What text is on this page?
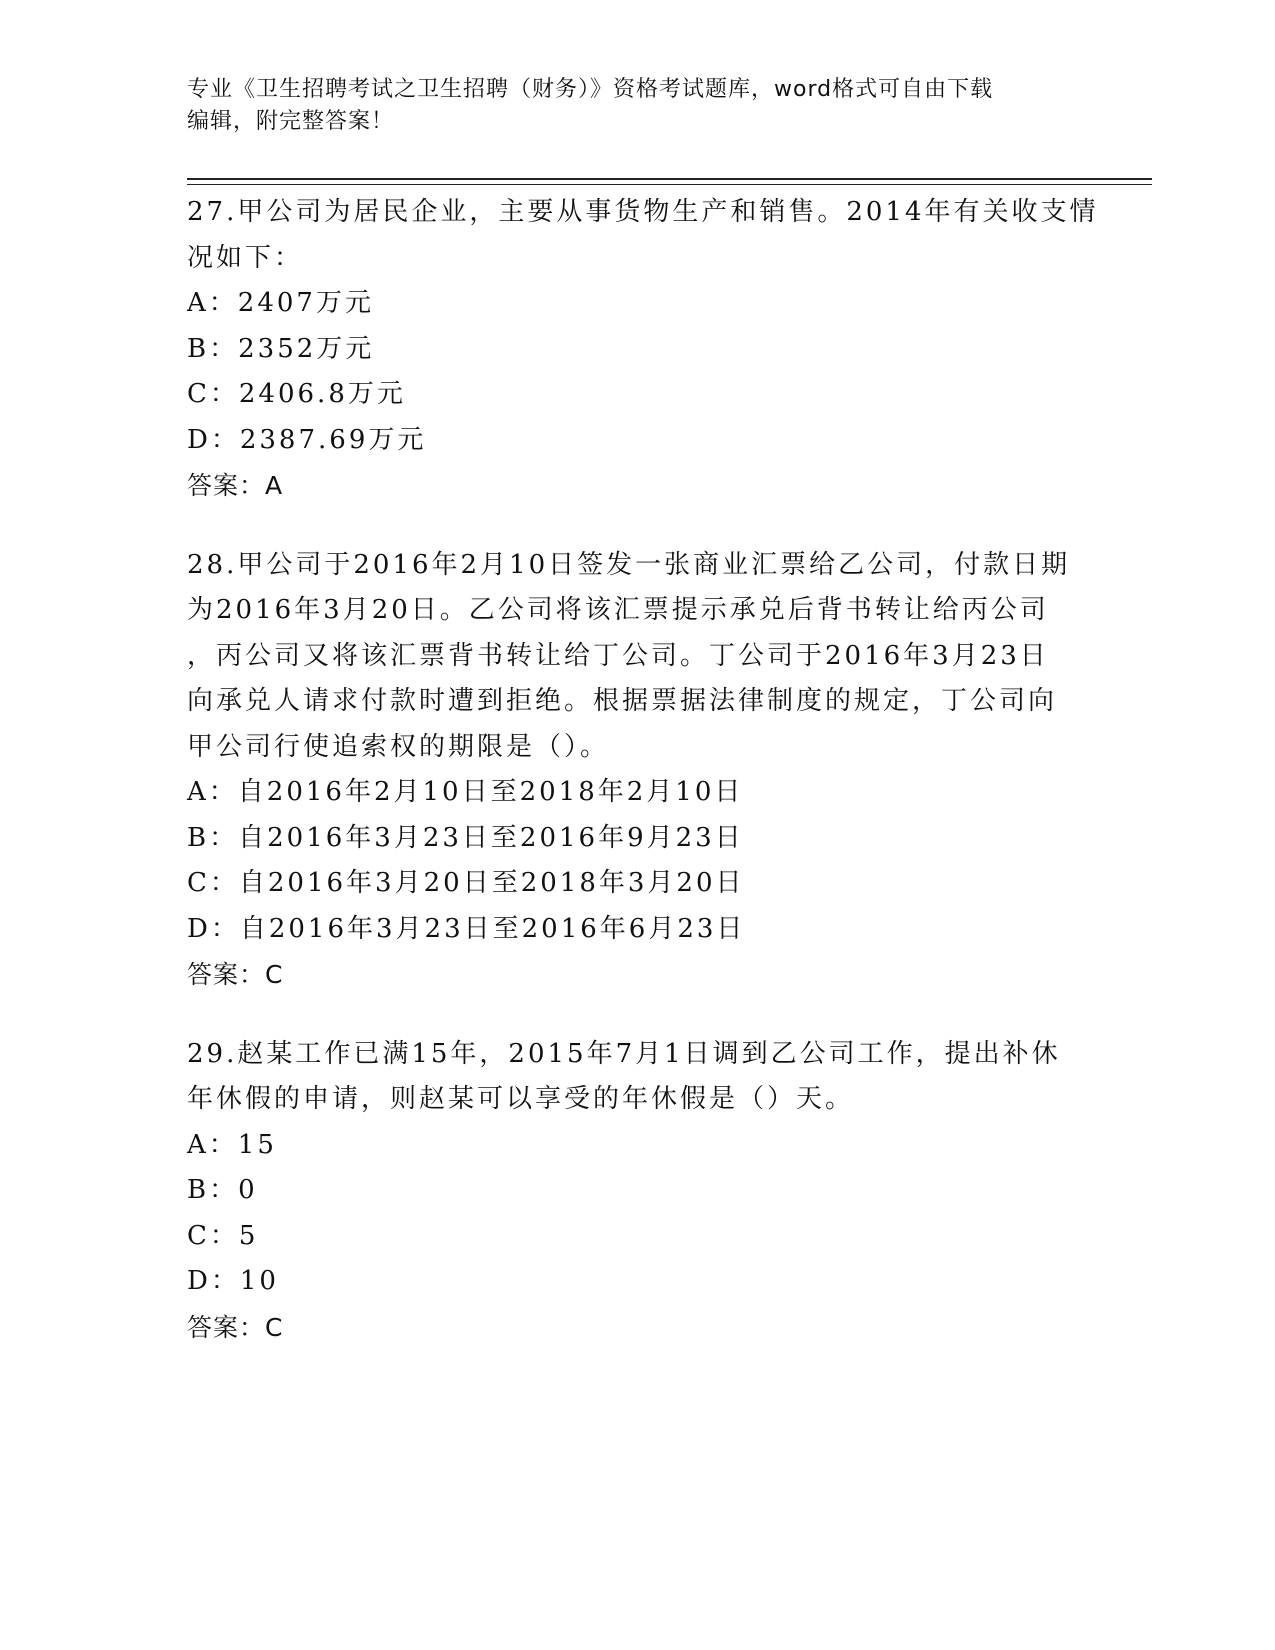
专业《卫生招聘考试之卫生招聘（财务）》资格考试题库，word格式可自由下载
编辑，附完整答案！
27.甲公司为居民企业，主要从事货物生产和销售。2014年有关收支情
况如下：
A：2407万元
B：2352万元
C：2406.8万元
D：2387.69万元
答案：A
28.甲公司于2016年2月10日签发一张商业汇票给乙公司，付款日期
为2016年3月20日。乙公司将该汇票提示承兑后背书转让给丙公司
，丙公司又将该汇票背书转让给丁公司。丁公司于2016年3月23日
向承兑人请求付款时遭到拒绝。根据票据法律制度的规定，丁公司向
甲公司行使追索权的期限是（）。
A：自2016年2月10日至2018年2月10日
B：自2016年3月23日至2016年9月23日
C：自2016年3月20日至2018年3月20日
D：自2016年3月23日至2016年6月23日
答案：C
29.赵某工作已满15年，2015年7月1日调到乙公司工作，提出补休
年休假的申请，则赵某可以享受的年休假是（）天。
A：15
B：0
C：5
D：10
答案：C
